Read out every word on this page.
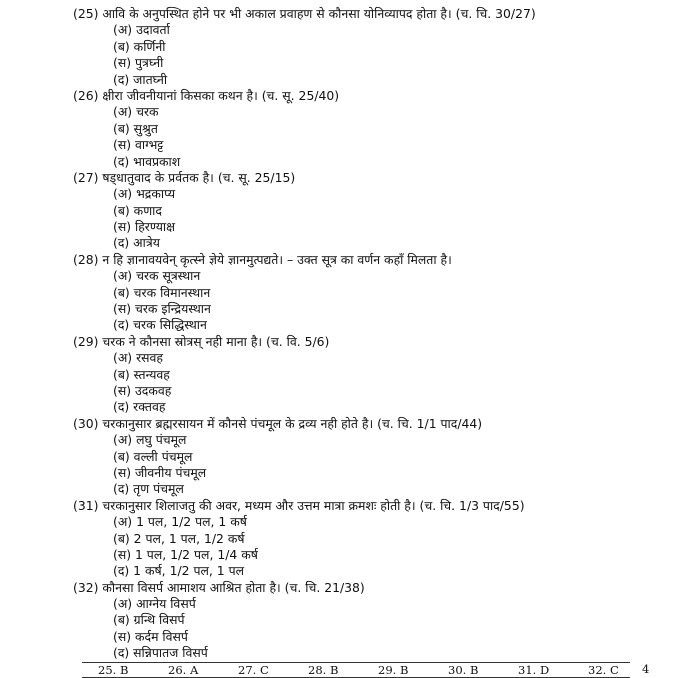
(25) आवि के अनुपस्थित होने पर भी अकाल प्रवाहण से कौनसा योनिव्यापद होता है। (च. चि. 30/27)
(अ) उदावर्ता
(ब) कर्णिनी
(स) पुत्रघ्नी
(द) जातघ्नी
(26) क्षीरा जीवनीयानां किसका कथन है। (च. सू. 25/40)
(अ) चरक
(ब) सुश्रुत
(स) वाग्भट्ट
(द) भावप्रकाश
(27) षड्धातुवाद के प्रर्वतक है। (च. सू. 25/15)
(अ) भद्रकाप्य
(ब) कणाद
(स) हिरण्याक्ष
(द) आत्रेय
(28) न हि ज्ञानावयवेन् कृत्स्ने ज्ञेये ज्ञानमुत्पद्यते। – उक्त सूत्र का वर्णन कहाँ मिलता है।
(अ) चरक सूत्रस्थान
(ब) चरक विमानस्थान
(स) चरक इन्द्रियस्थान
(द) चरक सिद्धिस्थान
(29) चरक ने कौनसा स्रोत्रस् नही माना है। (च. वि. 5/6)
(अ) रसवह
(ब) स्तन्यवह
(स) उदकवह
(द) रक्तवह
(30) चरकानुसार ब्रह्मरसायन में कौनसे पंचमूल के द्रव्य नही होते है। (च. चि. 1/1 पाद/44)
(अ) लघु पंचमूल
(ब) वल्ली पंचमूल
(स) जीवनीय पंचमूल
(द) तृण पंचमूल
(31) चरकानुसार शिलाजतु की अवर, मध्यम और उत्तम मात्रा क्रमशः होती है। (च. चि. 1/3 पाद/55)
(अ) 1 पल, 1/2 पल, 1 कर्ष
(ब) 2 पल, 1 पल, 1/2 कर्ष
(स) 1 पल, 1/2 पल, 1/4 कर्ष
(द) 1 कर्ष, 1/2 पल, 1 पल
(32) कौनसा विसर्प आमाशय आश्रित होता है। (च. चि. 21/38)
(अ) आग्नेय विसर्प
(ब) ग्रन्थि विसर्प
(स) कर्दम विसर्प
(द) सन्निपातज विसर्प
25. B	26. A	27. C	28. B	29. B	30. B	31. D	32. C 4
